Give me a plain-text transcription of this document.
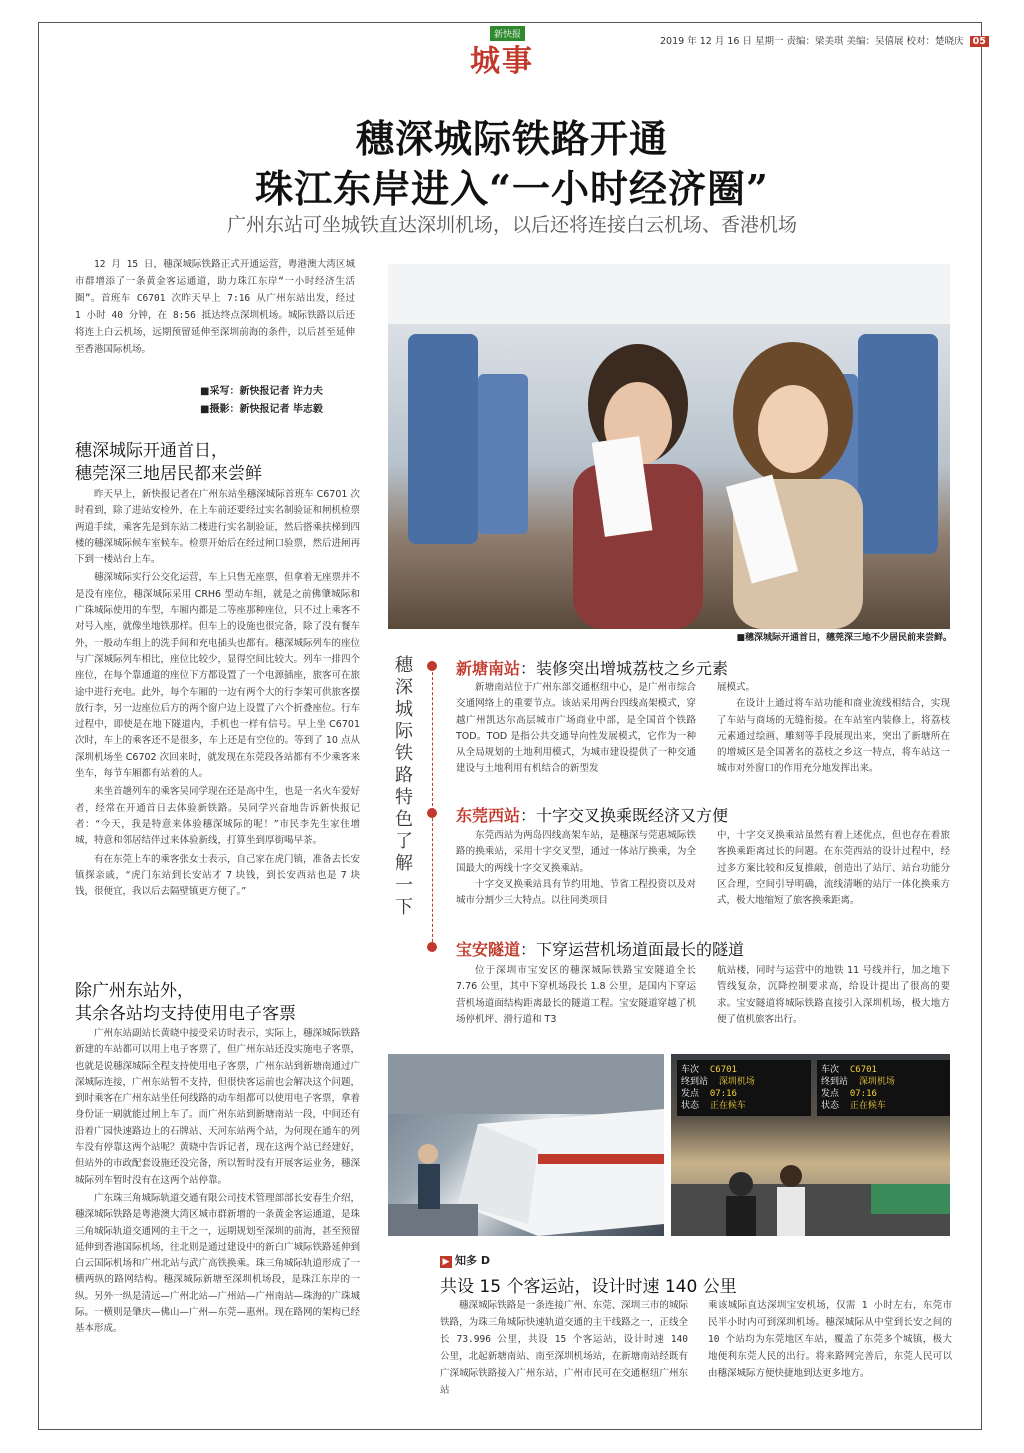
新快报
城事
2019 年 12 月 16 日 星期一 责编：梁美琪 美编：吴僖展 校对：楚晓庆 05
穗深城际铁路开通
珠江东岸进入“一小时经济圈”
广州东站可坐城铁直达深圳机场，以后还将连接白云机场、香港机场

12 月 15 日，穗深城际铁路正式开通运营，粤港澳大湾区城市群增添了一条黄金客运通道，助力珠江东岸“一小时经济生活圈”。首班车 C6701 次昨天早上 7:16 从广州东站出发，经过 1 小时 40 分钟，在 8:56 抵达终点深圳机场。城际铁路以后还将连上白云机场，远期预留延伸至深圳前海的条件，以后甚至延伸至香港国际机场。

■采写：新快报记者 许力夫
■摄影：新快报记者 毕志毅
穗深城际开通首日，
穗莞深三地居民都来尝鲜

昨天早上，新快报记者在广州东站坐穗深城际首班车 C6701 次时看到，除了进站安检外，在上车前还要经过实名制验证和闸机检票两道手续，乘客先是到东站二楼进行实名制验证，然后搭乘扶梯到四楼的穗深城际候车室候车。检票开始后在经过闸口验票，然后进闸再下到一楼站台上车。

穗深城际实行公交化运营，车上只售无座票，但拿着无座票并不是没有座位，穗深城际采用 CRH6 型动车组，就是之前佛肇城际和广珠城际使用的车型，车厢内都是二等座那种座位，只不过上乘客不对号入座，就像坐地铁那样。但车上的设施也很完备，除了没有餐车外，一般动车组上的洗手间和充电插头也都有。穗深城际列车的座位与广深城际列车相比，座位比较少，显得空间比较大。列车一排四个座位，在每个靠通道的座位下方都设置了一个电源插座，旅客可在旅途中进行充电。此外，每个车厢的一边有两个大的行李架可供旅客摆放行李，另一边座位后方的两个窗户边上设置了六个折叠座位。行车过程中，即使是在地下隧道内，手机也一样有信号。早上坐 C6701 次时，车上的乘客还不是很多，车上还是有空位的。等到了 10 点从深圳机场坐 C6702 次回来时，就发现在东莞段各站都有不少乘客来坐车，每节车厢都有站着的人。

来坐首趟列车的乘客吴同学现在还是高中生，也是一名火车爱好者，经常在开通首日去体验新铁路。吴同学兴奋地告诉新快报记者：“今天，我是特意来体验穗深城际的呢！”市民李先生家住增城，特意和邻居结伴过来体验新线，打算坐到厚街喝早茶。

有在东莞上车的乘客张女士表示，自己家在虎门镇，准备去长安镇探亲戚，“虎门东站到长安站才 7 块钱，到长安西站也是 7 块钱，很便宜，我以后去隔壁镇更方便了。”

除广州东站外，
其余各站均支持使用电子客票

广州东站副站长黄晓中接受采访时表示，实际上，穗深城际铁路新建的车站都可以用上电子客票了，但广州东站还没实施电子客票，也就是说穗深城际全程支持使用电子客票，广州东站到新塘南通过广深城际连接，广州东站暂不支持，但很快客运前也会解决这个问题，到时乘客在广州东站坐任何线路的动车组都可以使用电子客票，拿着身份证一刷就能过闸上车了。而广州东站到新塘南站一段，中间还有沿着广园快速路边上的石牌站、天河东站两个站，为何现在通车的列车没有停靠这两个站呢？黄晓中告诉记者，现在这两个站已经建好，但站外的市政配套设施还没完备，所以暂时没有开展客运业务，穗深城际列车暂时没有在这两个站停靠。

广东珠三角城际轨道交通有限公司技术管理部部长安春生介绍，穗深城际铁路是粤港澳大湾区城市群新增的一条黄金客运通道，是珠三角城际轨道交通网的主干之一，远期规划至深圳的前海，甚至预留延伸到香港国际机场，往北则是通过建设中的新白广城际铁路延伸到白云国际机场和广州北站与武广高铁换乘。珠三角城际轨道形成了一横两纵的路网结构。穗深城际新塘至深圳机场段，是珠江东岸的一纵。另外一纵是清远—广州北站—广州站—广州南站—珠海的广珠城际。一横则是肇庆—佛山—广州—东莞—惠州。现在路网的架构已经基本形成。

■穗深城际开通首日，穗莞深三地不少居民前来尝鲜。
穗深城际铁路特色了解一下
新塘南站：装修突出增城荔枝之乡元素

新塘南站位于广州东部交通枢纽中心，是广州市综合交通网络上的重要节点。该站采用两台四线高架模式，穿越广州凯达尔高层城市广场商业中部，是全国首个铁路 TOD。TOD 是指公共交通导向性发展模式，它作为一种从全局规划的土地利用模式，为城市建设提供了一种交通建设与土地利用有机结合的新型发

展模式。

在设计上通过将车站功能和商业流线相结合，实现了车站与商场的无缝衔接。在车站室内装修上，将荔枝元素通过绘画、雕刻等手段展现出来，突出了新塘所在的增城区是全国著名的荔枝之乡这一特点，将车站这一城市对外窗口的作用充分地发挥出来。

东莞西站：十字交叉换乘既经济又方便

东莞西站为两岛四线高架车站，是穗深与莞惠城际铁路的换乘站，采用十字交叉型，通过一体站厅换乘，为全国最大的两线十字交叉换乘站。

十字交叉换乘站具有节约用地、节省工程投资以及对城市分割少三大特点。以往同类项目

中，十字交叉换乘站虽然有着上述优点，但也存在着旅客换乘距离过长的问题。在东莞西站的设计过程中，经过多方案比较和反复推敲，创造出了站厅、站台功能分区合理，空间引导明确，流线清晰的站厅一体化换乘方式，极大地缩短了旅客换乘距离。

宝安隧道：下穿运营机场道面最长的隧道

位于深圳市宝安区的穗深城际铁路宝安隧道全长 7.76 公里，其中下穿机场段长 1.8 公里，是国内下穿运营机场道面结构距离最长的隧道工程。宝安隧道穿越了机场停机坪、滑行道和 T3

航站楼，同时与运营中的地铁 11 号线并行，加之地下管线复杂，沉降控制要求高，给设计提出了很高的要求。宝安隧道将城际铁路直接引入深圳机场，极大地方便了值机旅客出行。

车次 C6701
终到站 深圳机场
发点 07:16
状态 正在候车
车次 C6701
终到站 深圳机场
发点 07:16
状态 正在候车
▶ 知多 D
共设 15 个客运站，设计时速 140 公里

穗深城际铁路是一条连接广州、东莞、深圳三市的城际铁路，为珠三角城际快速轨道交通的主干线路之一，正线全长 73.996 公里，共设 15 个客运站，设计时速 140 公里，北起新塘南站、南至深圳机场站，在新塘南站经既有广深城际铁路接入广州东站，广州市民可在交通枢纽广州东站

乘该城际直达深圳宝安机场，仅需 1 小时左右，东莞市民半小时内可到深圳机场。穗深城际从中堂到长安之间的 10 个站均为东莞地区车站，覆盖了东莞多个城镇，极大地便利东莞人民的出行。将来路网完善后，东莞人民可以由穗深城际方便快捷地到达更多地方。
